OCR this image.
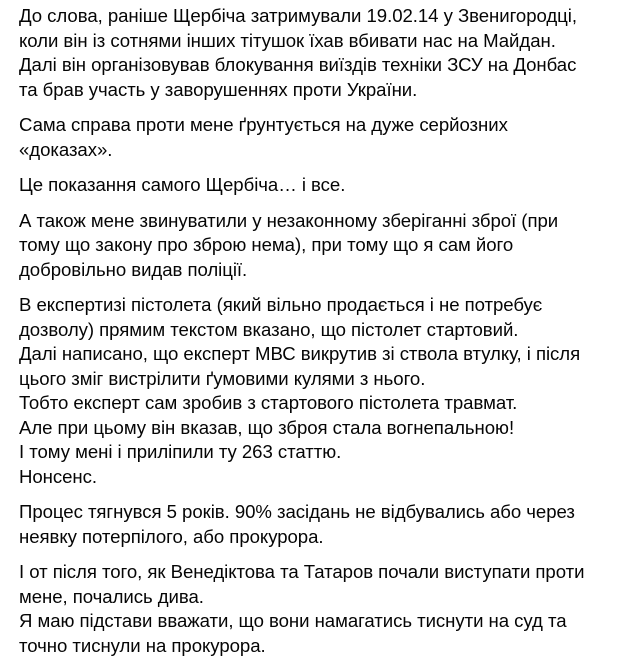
До слова, раніше Щербіча затримували 19.02.14 у Звенигородці,
коли він із сотнями інших тітушок їхав вбивати нас на Майдан.
Далі він організовував блокування виїздів техніки ЗСУ на Донбас
та брав участь у заворушеннях проти України.
Сама справа проти мене ґрунтується на дуже серйозних
«доказах».
Це показання самого Щербіча… і все.
А також мене звинуватили у незаконному зберіганні зброї (при
тому що закону про зброю нема), при тому що я сам його
добровільно видав поліції.
В експертизі пістолета (який вільно продається і не потребує
дозволу) прямим текстом вказано, що пістолет стартовий.
Далі написано, що експерт МВС викрутив зі ствола втулку, і після
цього зміг вистрілити ґумовими кулями з нього.
Тобто експерт сам зробив з стартового пістолета травмат.
Але при цьому він вказав, що зброя стала вогнепальною!
І тому мені і приліпили ту 263 статтю.
Нонсенс.
Процес тягнувся 5 років. 90% засідань не відбувались або через
неявку потерпілого, або прокурора.
І от після того, як Венедіктова та Татаров почали виступати проти
мене, почались дива.
Я маю підстави вважати, що вони намагатись тиснути на суд та
точно тиснули на прокурора.
